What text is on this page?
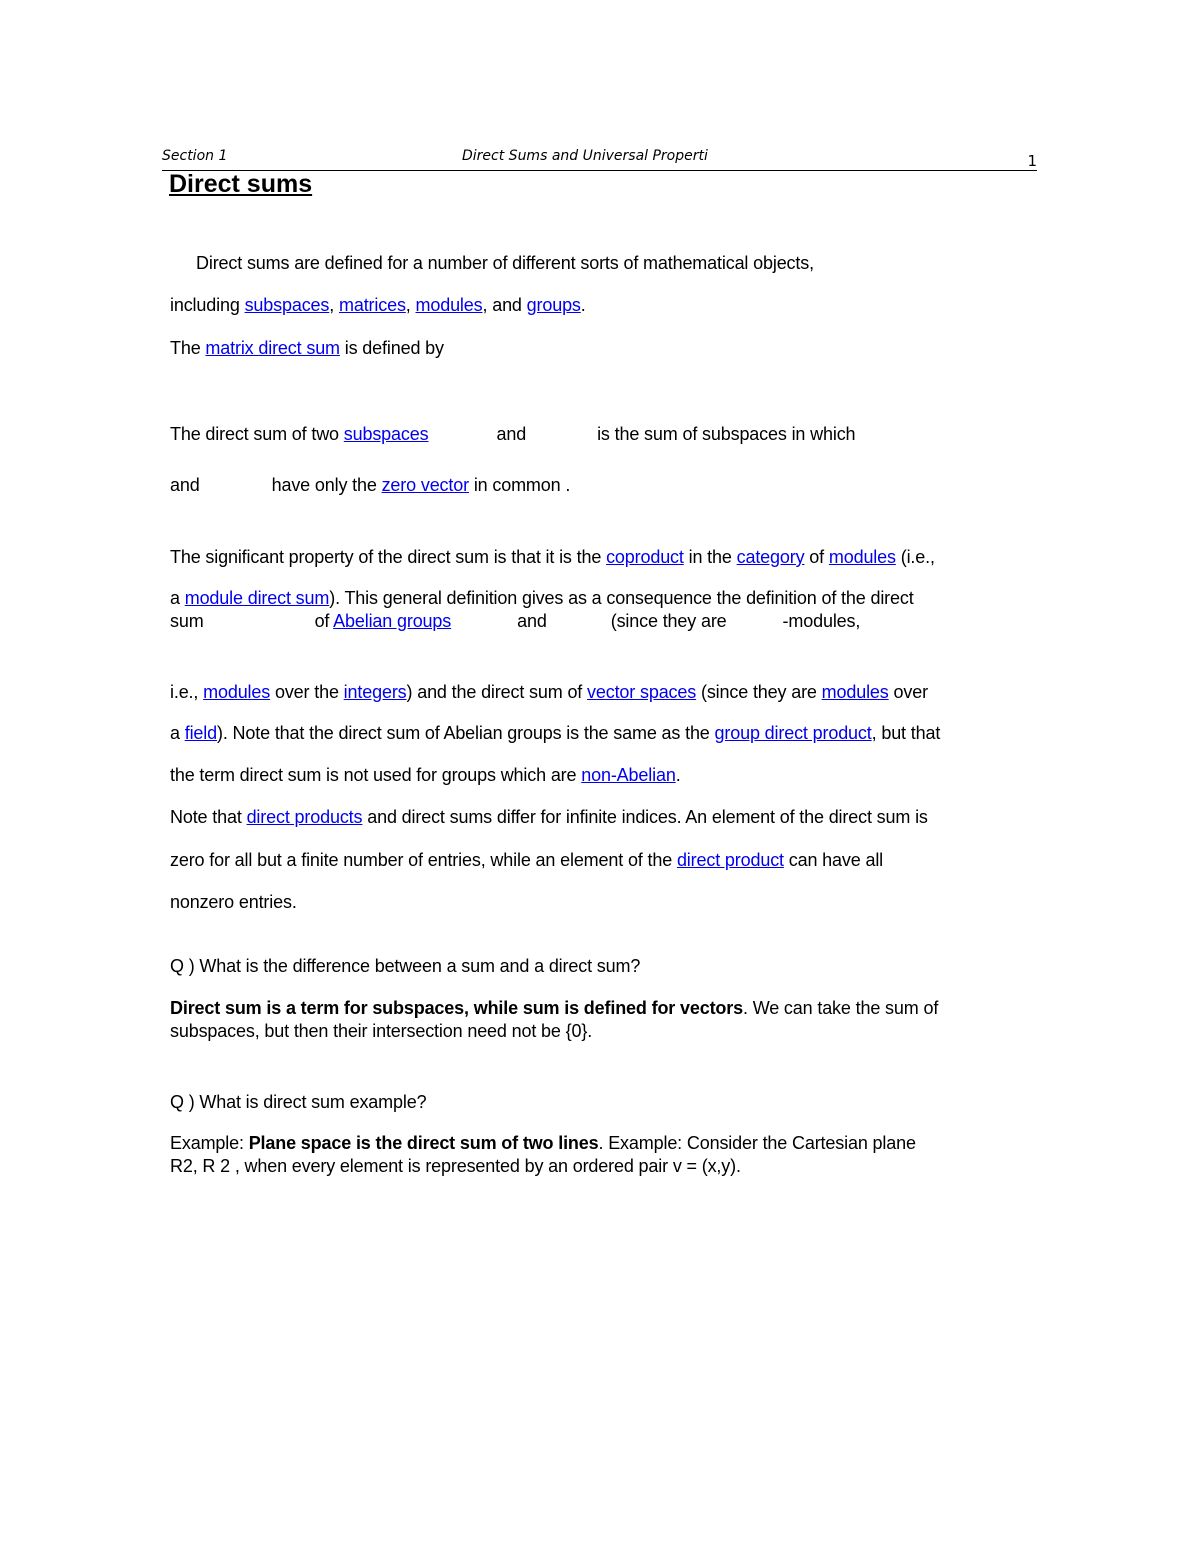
Section 1	Direct Sums and Universal Properti	1
Direct sums
Direct sums are defined for a number of different sorts of mathematical objects,
including subspaces, matrices, modules, and groups.
The matrix direct sum is defined by
The direct sum of two subspaces	and	is the sum of subspaces in which
and	have only the zero vector in common .
The significant property of the direct sum is that it is the coproduct in the category of modules (i.e.,
a module direct sum). This general definition gives as a consequence the definition of the direct
sum	of Abelian groups	and	(since they are	-modules,
i.e., modules over the integers) and the direct sum of vector spaces (since they are modules over
a field). Note that the direct sum of Abelian groups is the same as the group direct product, but that
the term direct sum is not used for groups which are non-Abelian.
Note that direct products and direct sums differ for infinite indices. An element of the direct sum is
zero for all but a finite number of entries, while an element of the direct product can have all
nonzero entries.
Q ) What is the difference between a sum and a direct sum?
Direct sum is a term for subspaces, while sum is defined for vectors. We can take the sum of
subspaces, but then their intersection need not be {0}.
Q ) What is direct sum example?
Example: Plane space is the direct sum of two lines. Example: Consider the Cartesian plane
R2, R 2 , when every element is represented by an ordered pair v = (x,y).
